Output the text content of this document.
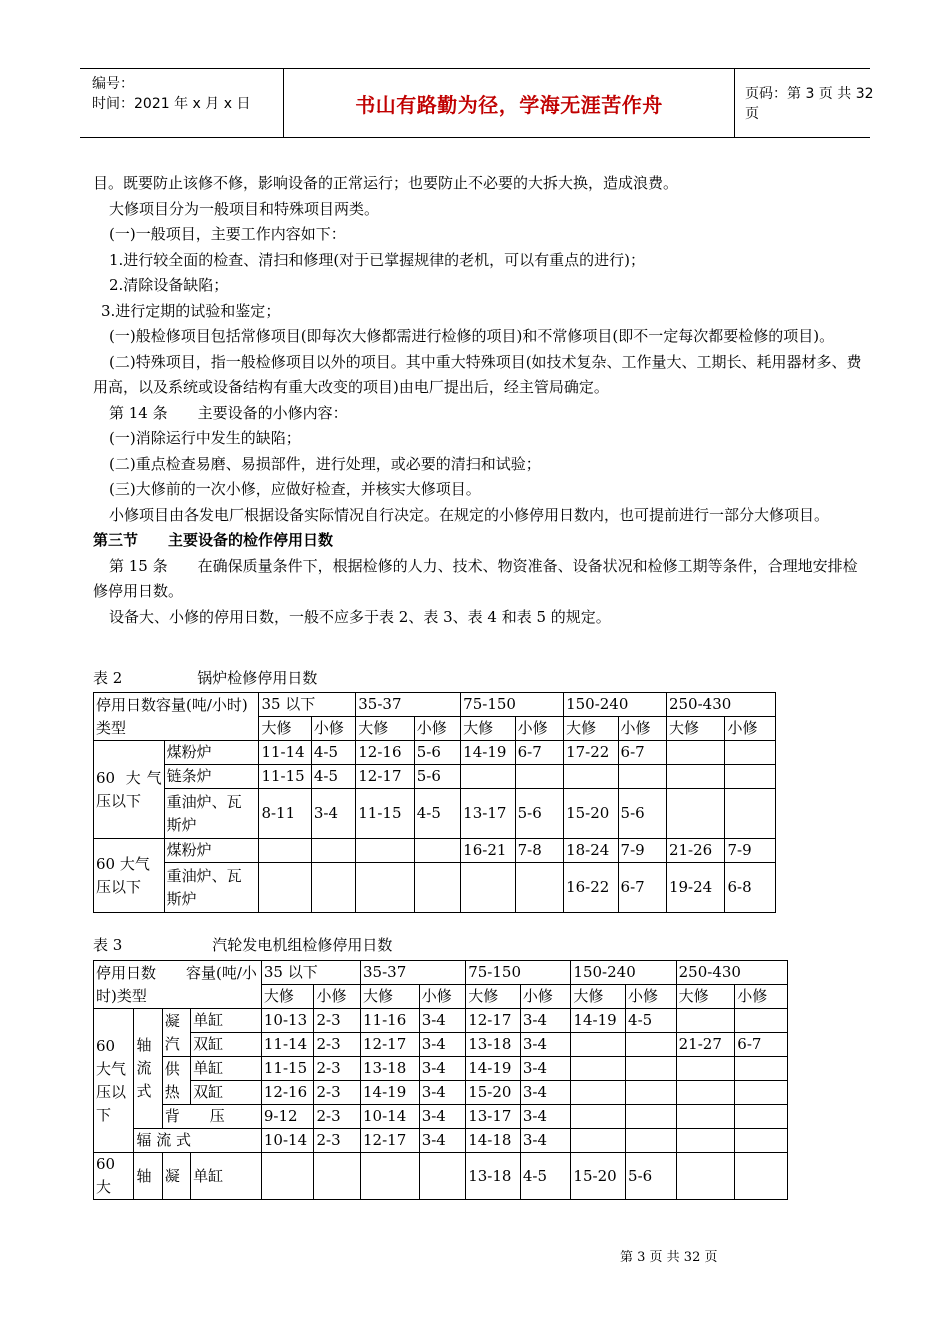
编号：
时间：2021 年 x 月 x 日	书山有路勤为径，学海无涯苦作舟	页码：第 3 页 共 32 页

目。既要防止该修不修，影响设备的正常运行；也要防止不必要的大拆大换，造成浪费。

大修项目分为一般项目和特殊项目两类。

(一)一般项目，主要工作内容如下：

1.进行较全面的检查、清扫和修理(对于已掌握规律的老机，可以有重点的进行)；

2.清除设备缺陷；

3.进行定期的试验和鉴定；

(一)般检修项目包括常修项目(即每次大修都需进行检修的项目)和不常修项目(即不一定每次都要检修的项目)。

(二)特殊项目，指一般检修项目以外的项目。其中重大特殊项目(如技术复杂、工作量大、工期长、耗用器材多、费用高，以及系统或设备结构有重大改变的项目)由电厂提出后，经主管局确定。

第 14 条　　主要设备的小修内容：

(一)消除运行中发生的缺陷；

(二)重点检查易磨、易损部件，进行处理，或必要的清扫和试验；

(三)大修前的一次小修，应做好检查，并核实大修项目。

小修项目由各发电厂根据设备实际情况自行决定。在规定的小修停用日数内，也可提前进行一部分大修项目。

第三节　　主要设备的检作停用日数

第 15 条　　在确保质量条件下，根据检修的人力、技术、物资准备、设备状况和检修工期等条件，合理地安排检修停用日数。

设备大、小修的停用日数，一般不应多于表 2、表 3、表 4 和表 5 的规定。

表 2　　　　　锅炉检修停用日数

停用日数容量(吨/小时)类型		35 以下		35-37		75-150		150-240		250-430	
		大修	小修	大修	小修	大修	小修	大修	小修	大修	小修
60 大气压以下	煤粉炉	11-14	4-5	12-16	5-6	14-19	6-7	17-22	6-7		
	链条炉	11-15	4-5	12-17	5-6						
	重油炉、瓦斯炉	8-11	3-4	11-15	4-5	13-17	5-6	15-20	5-6		
60 大气压以下	煤粉炉					16-21	7-8	18-24	7-9	21-26	7-9
	重油炉、瓦斯炉							16-22	6-7	19-24	6-8

表 3　　　　　　汽轮发电机组检修停用日数

停用日数　　容量(吨/小时)类型				35 以下		35-37		75-150		150-240		250-430	
				大修	小修	大修	小修	大修	小修	大修	小修	大修	小修
60 大气压以下	轴流式	凝汽	单缸	10-13	2-3	11-16	3-4	12-17	3-4	14-19	4-5		
			双缸	11-14	2-3	12-17	3-4	13-18	3-4			21-27	6-7
		供热	单缸	11-15	2-3	13-18	3-4	14-19	3-4				
			双缸	12-16	2-3	14-19	3-4	15-20	3-4				
		背　　压		9-12	2-3	10-14	3-4	13-17	3-4				
	辐 流 式			10-14	2-3	12-17	3-4	14-18	3-4				
60 大	轴	凝	单缸					13-18	4-5	15-20	5-6		
第 3 页 共 32 页
